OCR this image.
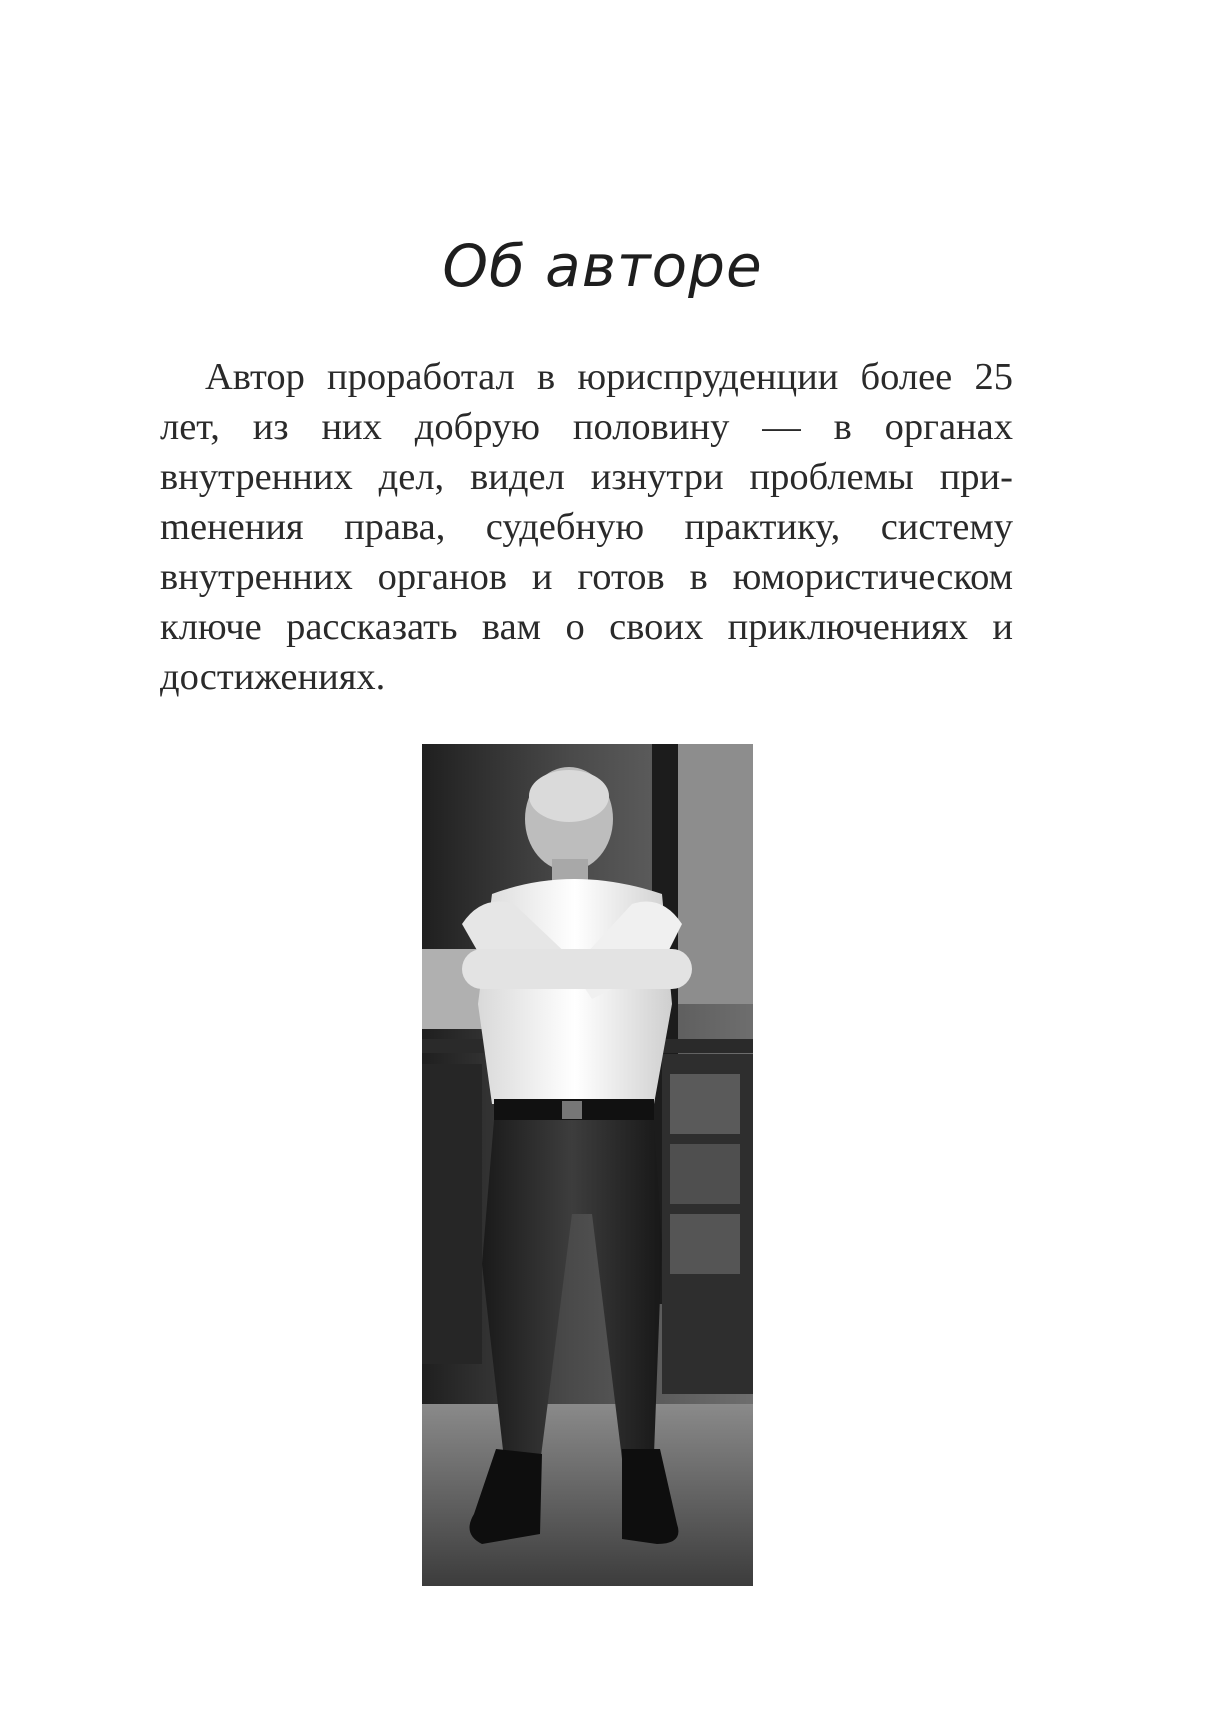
Об авторе

Автор проработал в юриспруденции более 25 лет, из них добрую половину — в органах внутренних дел, видел изнутри проблемы приmенения права, судебную практику, систему внутренних органов и готов в юмористическом ключе рассказать вам о своих приключениях и достижениях.
